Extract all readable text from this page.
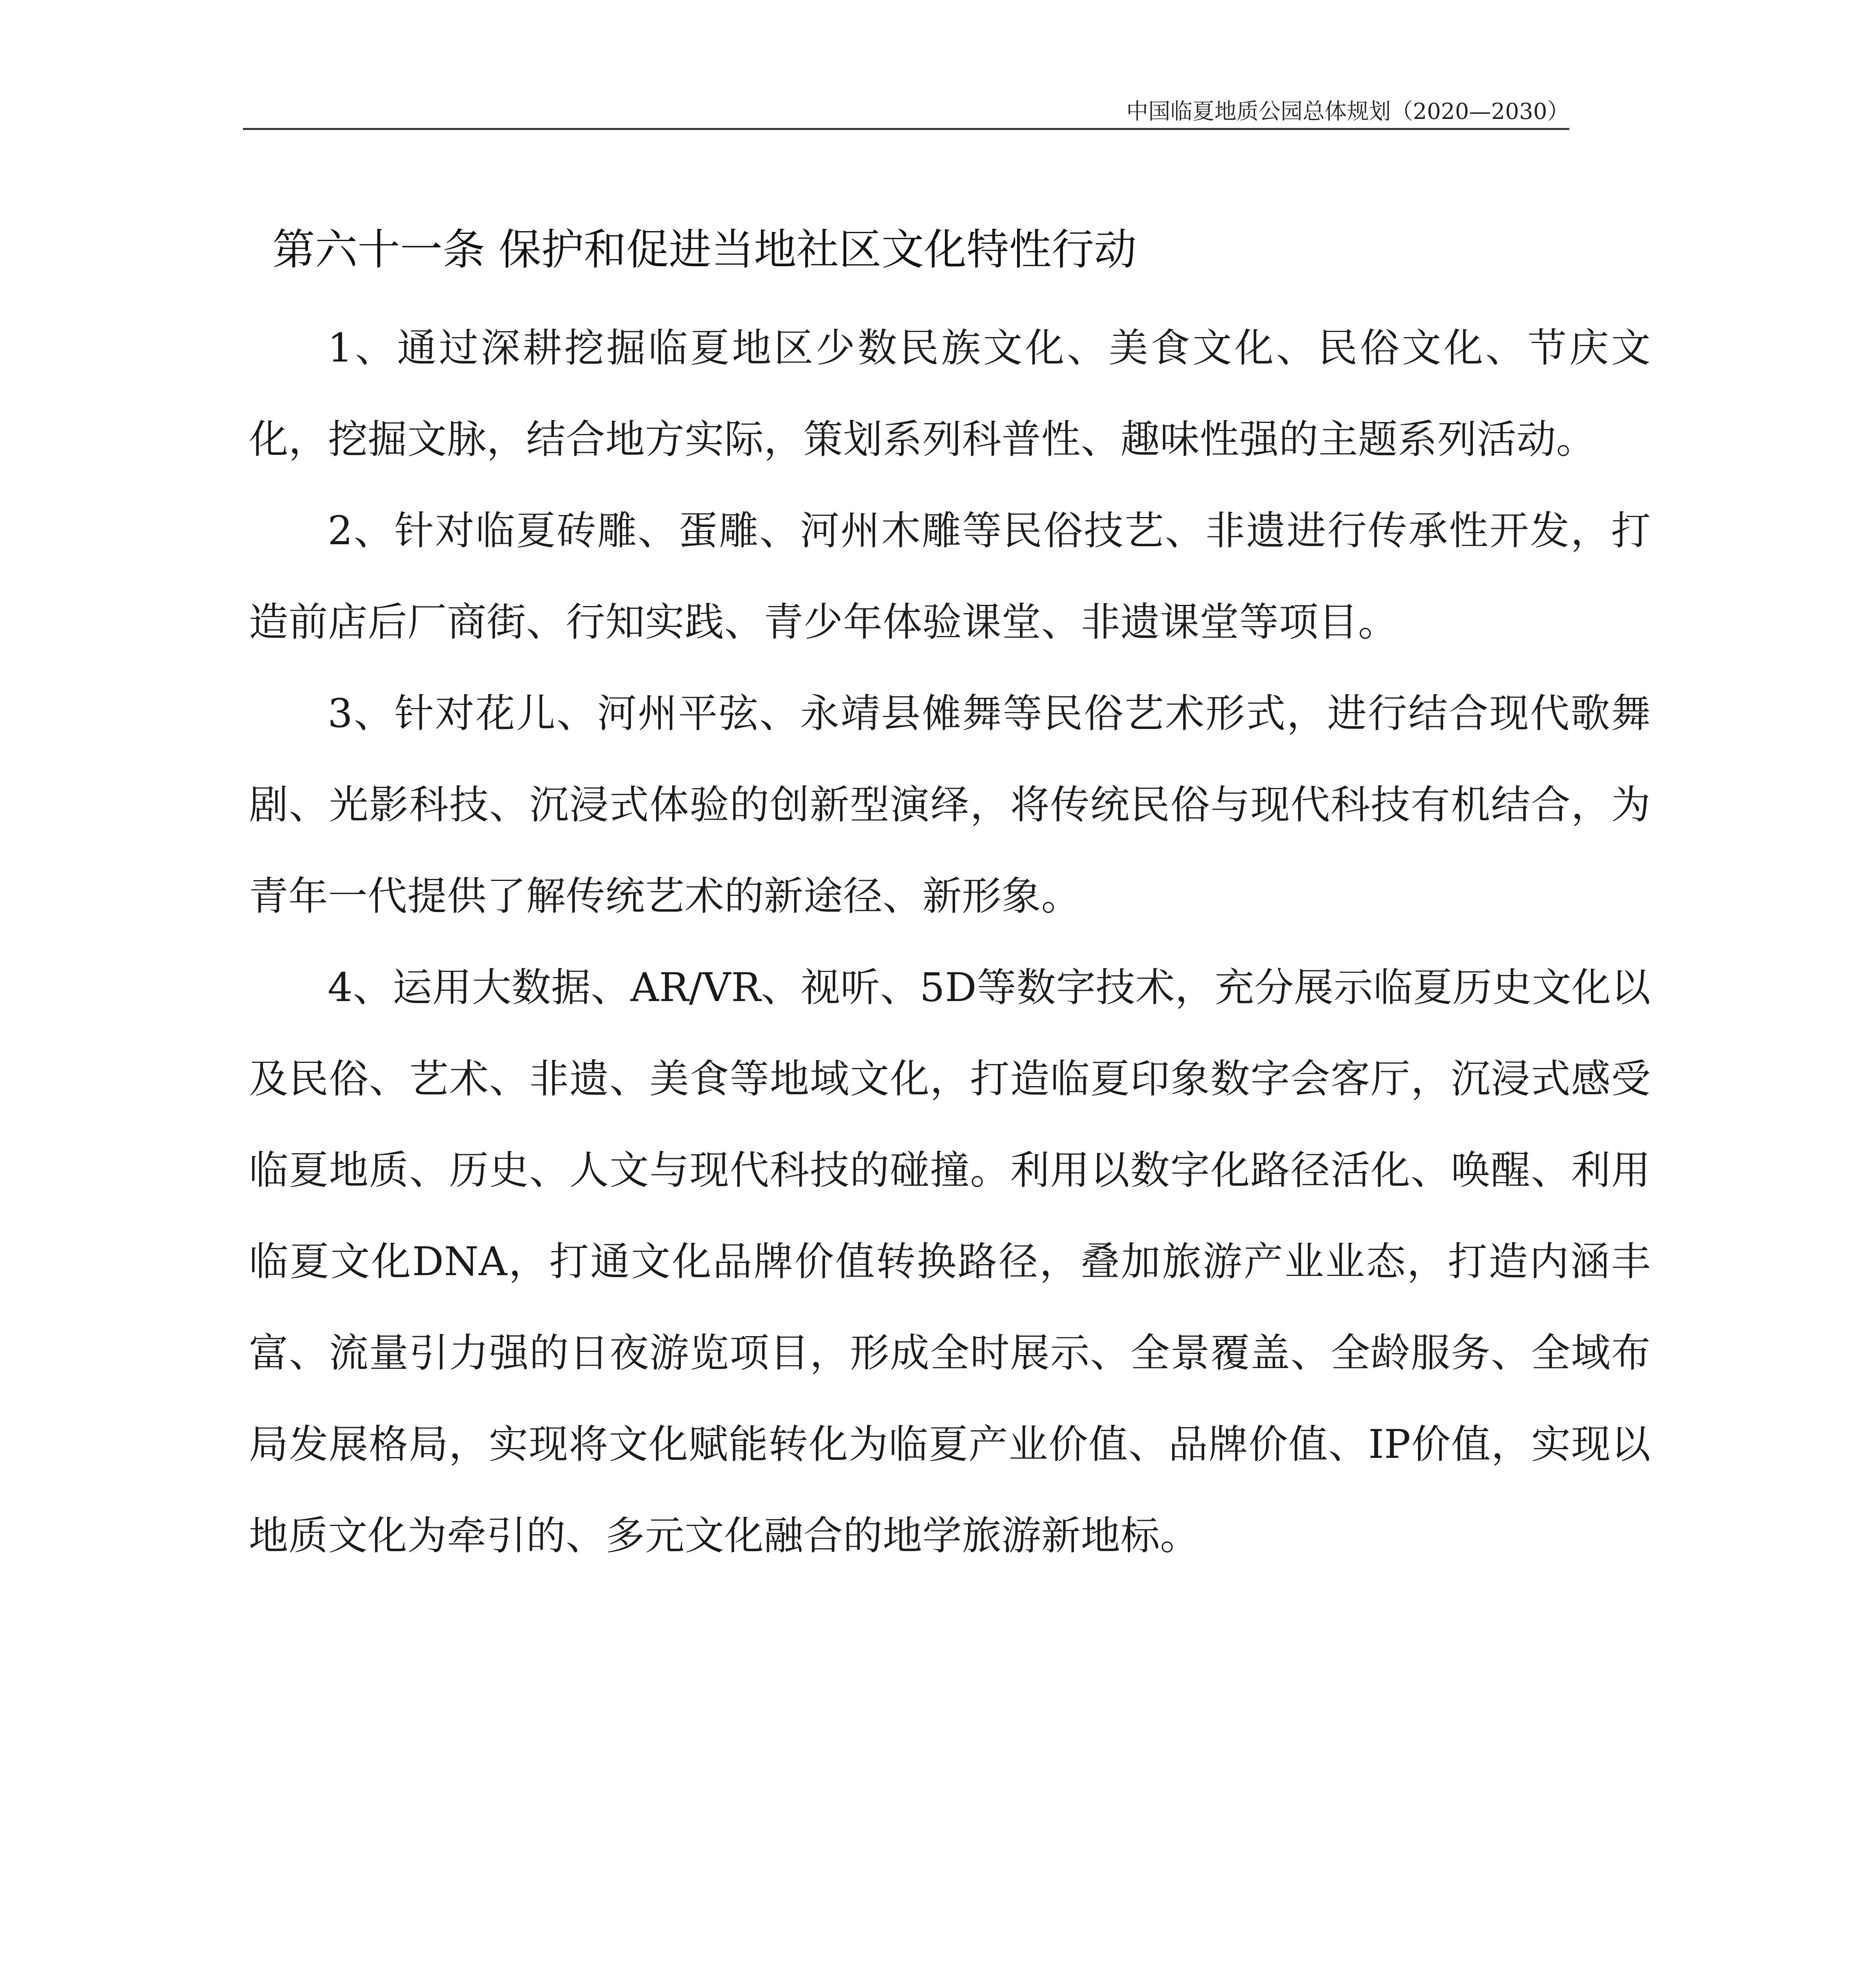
中国临夏地质公园总体规划（2020—2030）
第六十一条 保护和促进当地社区文化特性行动

1、通过深耕挖掘临夏地区少数民族文化、美食文化、民俗文化、节庆文化，挖掘文脉，结合地方实际，策划系列科普性、趣味性强的主题系列活动。

2、针对临夏砖雕、蛋雕、河州木雕等民俗技艺、非遗进行传承性开发，打造前店后厂商街、行知实践、青少年体验课堂、非遗课堂等项目。

3、针对花儿、河州平弦、永靖县傩舞等民俗艺术形式，进行结合现代歌舞剧、光影科技、沉浸式体验的创新型演绎，将传统民俗与现代科技有机结合，为青年一代提供了解传统艺术的新途径、新形象。

4、运用大数据、AR/VR、视听、5D等数字技术，充分展示临夏历史文化以及民俗、艺术、非遗、美食等地域文化，打造临夏印象数字会客厅，沉浸式感受临夏地质、历史、人文与现代科技的碰撞。利用以数字化路径活化、唤醒、利用临夏文化DNA，打通文化品牌价值转换路径，叠加旅游产业业态，打造内涵丰富、流量引力强的日夜游览项目，形成全时展示、全景覆盖、全龄服务、全域布局发展格局，实现将文化赋能转化为临夏产业价值、品牌价值、IP价值，实现以地质文化为牵引的、多元文化融合的地学旅游新地标。
